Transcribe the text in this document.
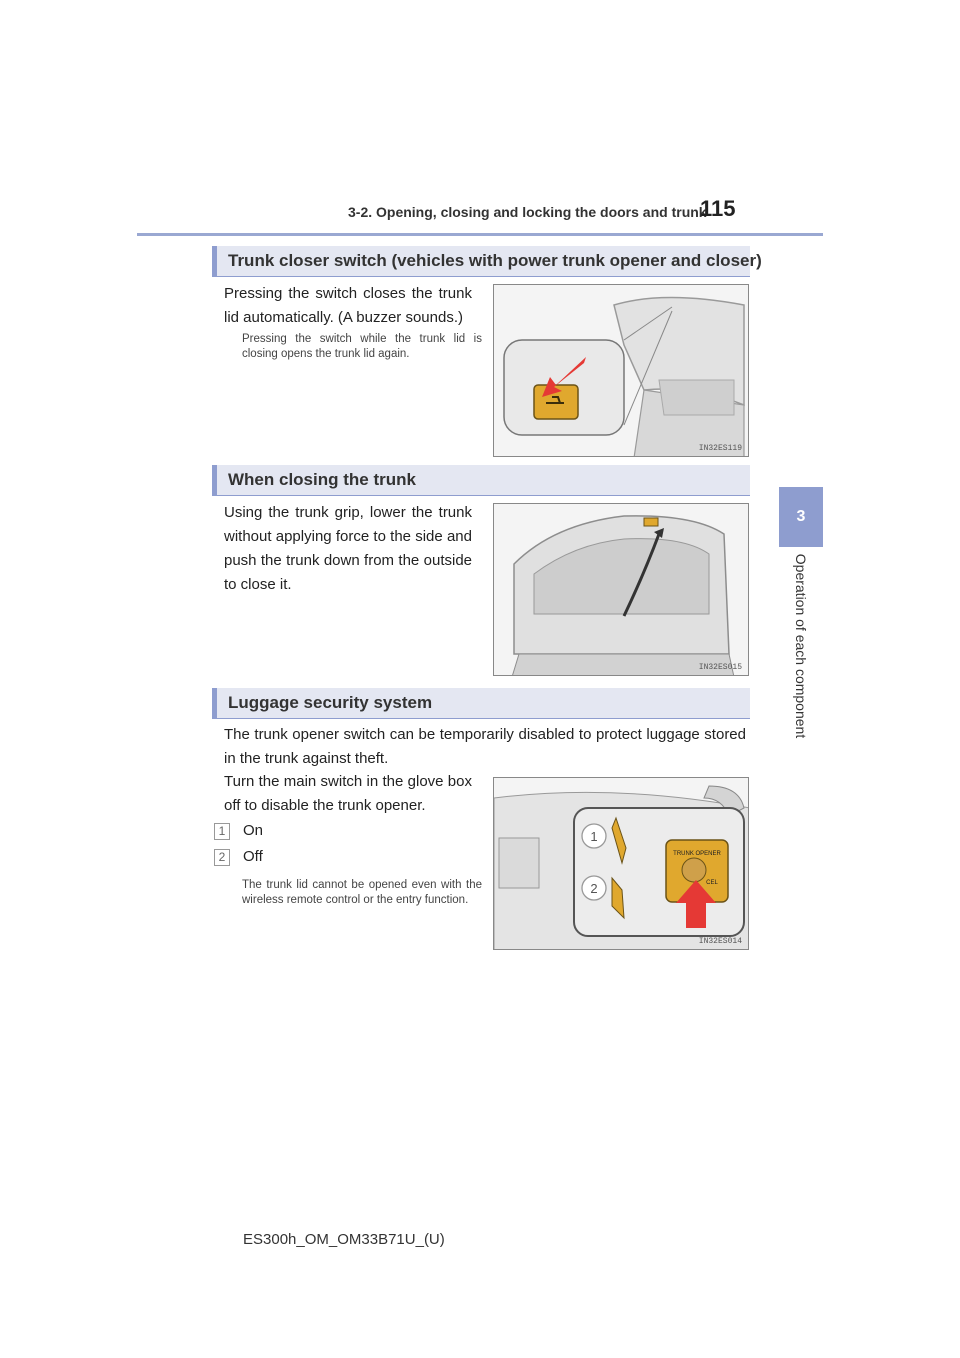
3-2. Opening, closing and locking the doors and trunk
115
3
Operation of each component
Trunk closer switch (vehicles with power trunk opener and closer)

Pressing the switch closes the trunk lid automatically. (A buzzer sounds.)

Pressing the switch while the trunk lid is closing opens the trunk lid again.

IN32ES119
When closing the trunk

Using the trunk grip, lower the trunk without applying force to the side and push the trunk down from the outside to close it.

IN32ES015
Luggage security system

The trunk opener switch can be temporarily disabled to protect luggage stored in the trunk against theft.

Turn the main switch in the glove box off to disable the trunk opener.

1	On
2	Off

The trunk lid cannot be opened even with the wireless remote control or the entry function.

1
2
TRUNK OPENER
CEL
IN32ES014
ES300h_OM_OM33B71U_(U)
